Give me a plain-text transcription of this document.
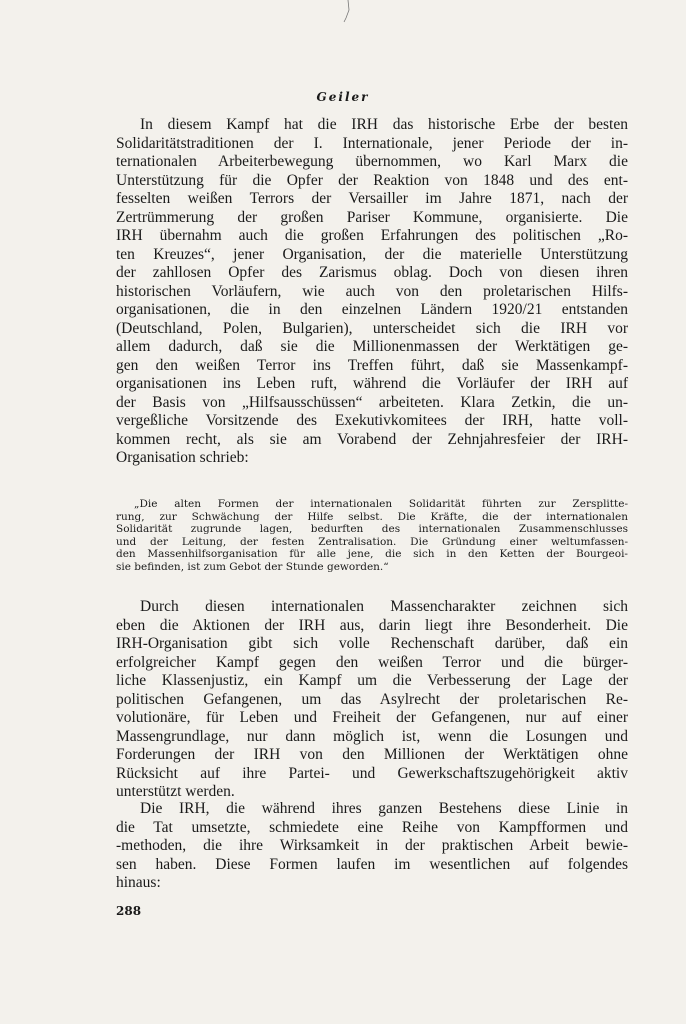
Geiler
In diesem Kampf hat die IRH das historische Erbe der besten
Solidaritätstraditionen der I. Internationale, jener Periode der in-
ternationalen Arbeiterbewegung übernommen, wo Karl Marx die
Unterstützung für die Opfer der Reaktion von 1848 und des ent-
fesselten weißen Terrors der Versailler im Jahre 1871, nach der
Zertrümmerung der großen Pariser Kommune, organisierte. Die
IRH übernahm auch die großen Erfahrungen des politischen „Ro-
ten Kreuzes“, jener Organisation, der die materielle Unterstützung
der zahllosen Opfer des Zarismus oblag. Doch von diesen ihren
historischen Vorläufern, wie auch von den proletarischen Hilfs-
organisationen, die in den einzelnen Ländern 1920/21 entstanden
(Deutschland, Polen, Bulgarien), unterscheidet sich die IRH vor
allem dadurch, daß sie die Millionenmassen der Werktätigen ge-
gen den weißen Terror ins Treffen führt, daß sie Massenkampf-
organisationen ins Leben ruft, während die Vorläufer der IRH auf
der Basis von „Hilfsausschüssen“ arbeiteten. Klara Zetkin, die un-
vergeßliche Vorsitzende des Exekutivkomitees der IRH, hatte voll-
kommen recht, als sie am Vorabend der Zehnjahresfeier der IRH-
Organisation schrieb:
„Die alten Formen der internationalen Solidarität führten zur Zersplitte-
rung, zur Schwächung der Hilfe selbst. Die Kräfte, die der internationalen
Solidarität zugrunde lagen, bedurften des internationalen Zusammenschlusses
und der Leitung, der festen Zentralisation. Die Gründung einer weltumfassen-
den Massenhilfsorganisation für alle jene, die sich in den Ketten der Bourgeoi-
sie befinden, ist zum Gebot der Stunde geworden.“
Durch diesen internationalen Massencharakter zeichnen sich
eben die Aktionen der IRH aus, darin liegt ihre Besonderheit. Die
IRH-Organisation gibt sich volle Rechenschaft darüber, daß ein
erfolgreicher Kampf gegen den weißen Terror und die bürger-
liche Klassenjustiz, ein Kampf um die Verbesserung der Lage der
politischen Gefangenen, um das Asylrecht der proletarischen Re-
volutionäre, für Leben und Freiheit der Gefangenen, nur auf einer
Massengrundlage, nur dann möglich ist, wenn die Losungen und
Forderungen der IRH von den Millionen der Werktätigen ohne
Rücksicht auf ihre Partei- und Gewerkschaftszugehörigkeit aktiv
unterstützt werden.
Die IRH, die während ihres ganzen Bestehens diese Linie in
die Tat umsetzte, schmiedete eine Reihe von Kampfformen und
-methoden, die ihre Wirksamkeit in der praktischen Arbeit bewie-
sen haben. Diese Formen laufen im wesentlichen auf folgendes
hinaus:
288
